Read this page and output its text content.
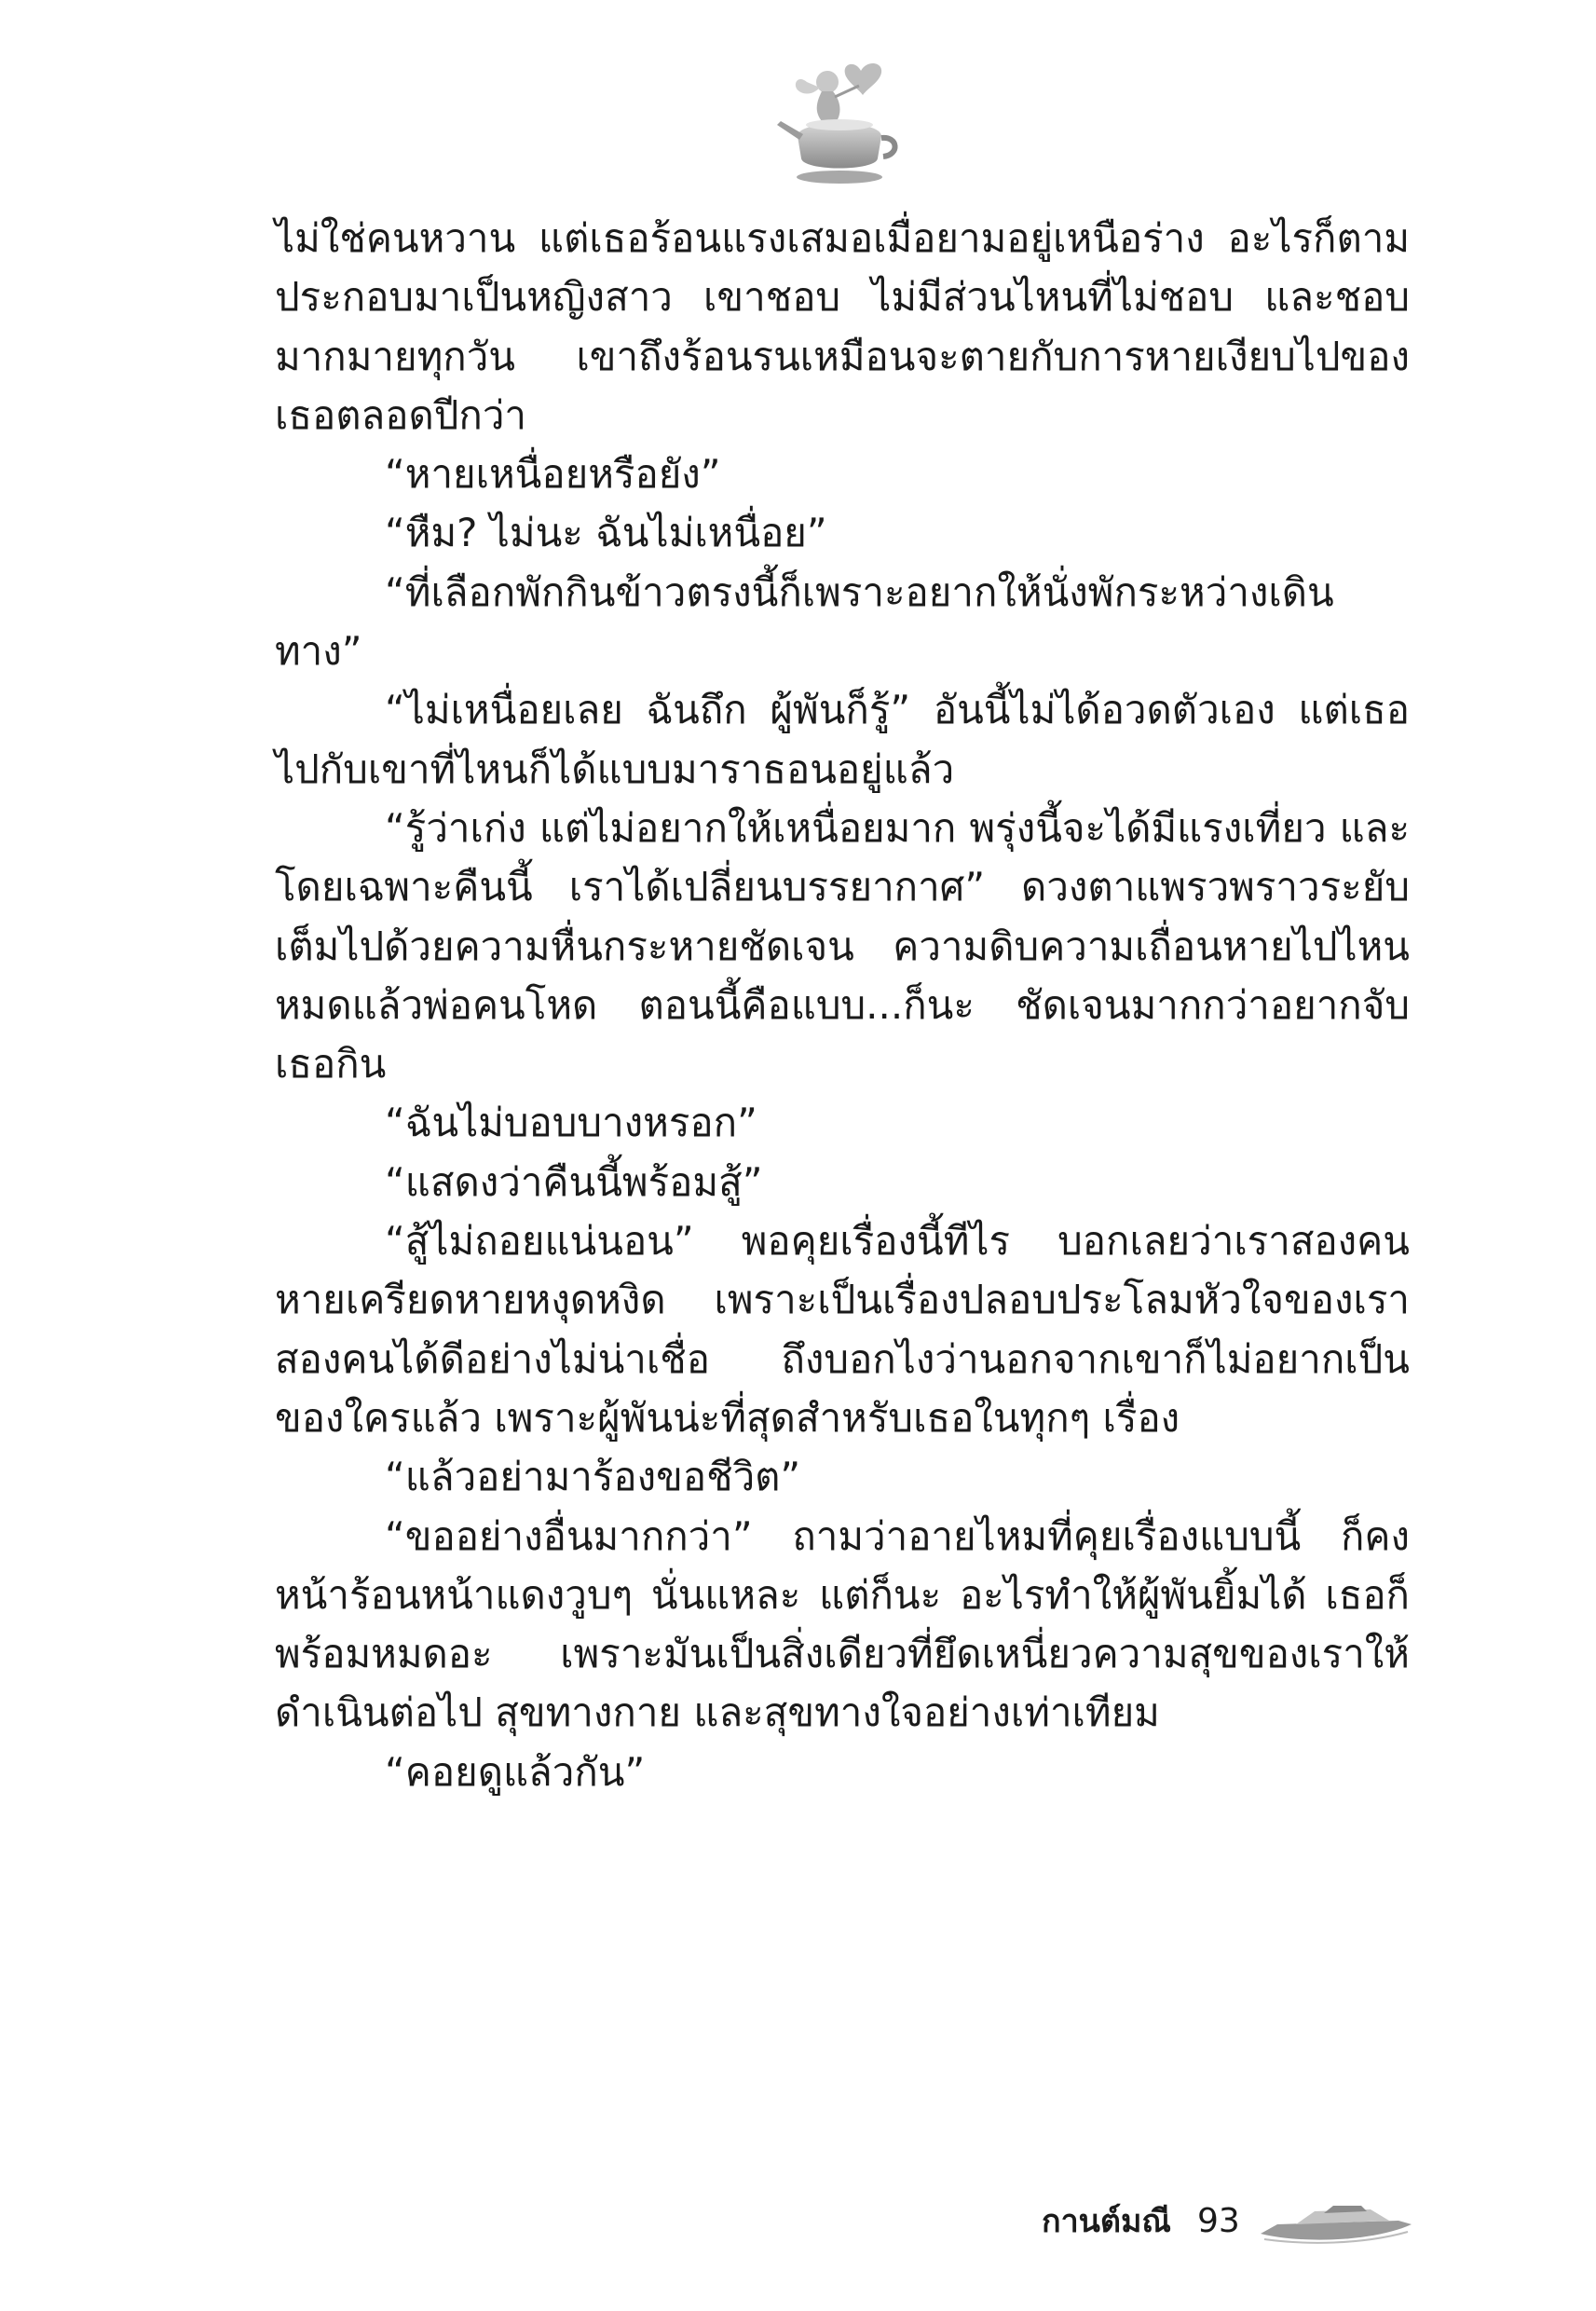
ไม่ใช่คนหวาน แต่เธอร้อนแรงเสมอเมื่อยามอยู่เหนือร่าง อะไรก็ตามประกอบมาเป็นหญิงสาว เขาชอบ ไม่มีส่วนไหนที่ไม่ชอบ และชอบมากมายทุกวัน เขาถึงร้อนรนเหมือนจะตายกับการหายเงียบไปของเธอตลอดปีกว่า

“หายเหนื่อยหรือยัง”

“หืม? ไม่นะ ฉันไม่เหนื่อย”

“ที่เลือกพักกินข้าวตรงนี้ก็เพราะอยากให้นั่งพักระหว่างเดินทาง”

“ไม่เหนื่อยเลย ฉันถึก ผู้พันก็รู้” อันนี้ไม่ได้อวดตัวเอง แต่เธอไปกับเขาที่ไหนก็ได้แบบมาราธอนอยู่แล้ว

“รู้ว่าเก่ง แต่ไม่อยากให้เหนื่อยมาก พรุ่งนี้จะได้มีแรงเที่ยว และโดยเฉพาะคืนนี้ เราได้เปลี่ยนบรรยากาศ” ดวงตาแพรวพราวระยับเต็มไปด้วยความหื่นกระหายชัดเจน ความดิบความเถื่อนหายไปไหนหมดแล้วพ่อคนโหด ตอนนี้คือแบบ...ก็นะ ชัดเจนมากกว่าอยากจับเธอกิน

“ฉันไม่บอบบางหรอก”

“แสดงว่าคืนนี้พร้อมสู้”

“สู้ไม่ถอยแน่นอน” พอคุยเรื่องนี้ทีไร บอกเลยว่าเราสองคนหายเครียดหายหงุดหงิด เพราะเป็นเรื่องปลอบประโลมหัวใจของเราสองคนได้ดีอย่างไม่น่าเชื่อ ถึงบอกไงว่านอกจากเขาก็ไม่อยากเป็นของใครแล้ว เพราะผู้พันน่ะที่สุดสำหรับเธอในทุกๆ เรื่อง

“แล้วอย่ามาร้องขอชีวิต”

“ขออย่างอื่นมากกว่า” ถามว่าอายไหมที่คุยเรื่องแบบนี้ ก็คงหน้าร้อนหน้าแดงวูบๆ นั่นแหละ แต่ก็นะ อะไรทำให้ผู้พันยิ้มได้ เธอก็พร้อมหมดอะ เพราะมันเป็นสิ่งเดียวที่ยึดเหนี่ยวความสุขของเราให้ดำเนินต่อไป สุขทางกาย และสุขทางใจอย่างเท่าเทียม

“คอยดูแล้วกัน”

กานต์มณี 93
